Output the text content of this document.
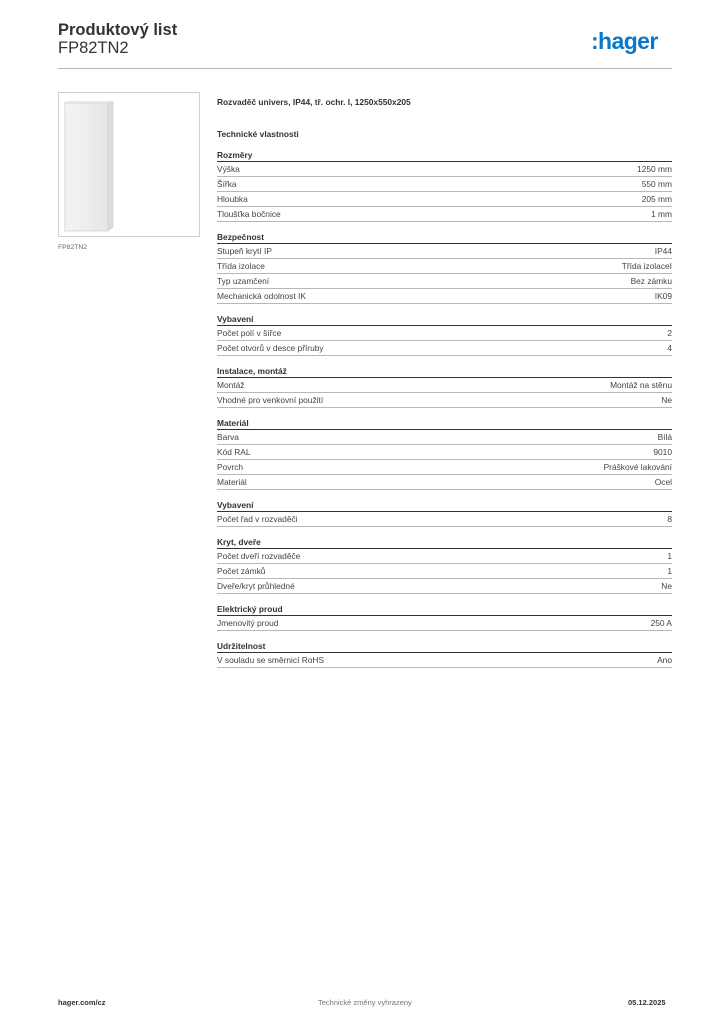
Produktový list
FP82TN2	:hager
FP82TN2
Rozvaděč univers, IP44, tř. ochr. I, 1250x550x205
Technické vlastnosti
Rozměry
Výška	1250 mm
Šířka	550 mm
Hloubka	205 mm
Tloušťka bočnice	1 mm
Bezpečnost
Stupeň krytí IP	IP44
Třída izolace	Třída izolaceI
Typ uzamčení	Bez zámku
Mechanická odolnost IK	IK09
Vybavení
Počet polí v šířce	2
Počet otvorů v desce příruby	4
Instalace, montáž
Montáž	Montáž na stěnu
Vhodné pro venkovní použití	Ne
Materiál
Barva	Bílá
Kód RAL	9010
Povrch	Práškové lakování
Materiál	Ocel
Vybavení
Počet řad v rozvaděči	8
Kryt, dveře
Počet dveří rozvaděče	1
Počet zámků	1
Dveře/kryt průhledné	Ne
Elektrický proud
Jmenovitý proud	250 A
Udržitelnost
V souladu se směrnicí RoHS	Ano
hager.com/cz	Technické změny vyhrazeny	05.12.2025
